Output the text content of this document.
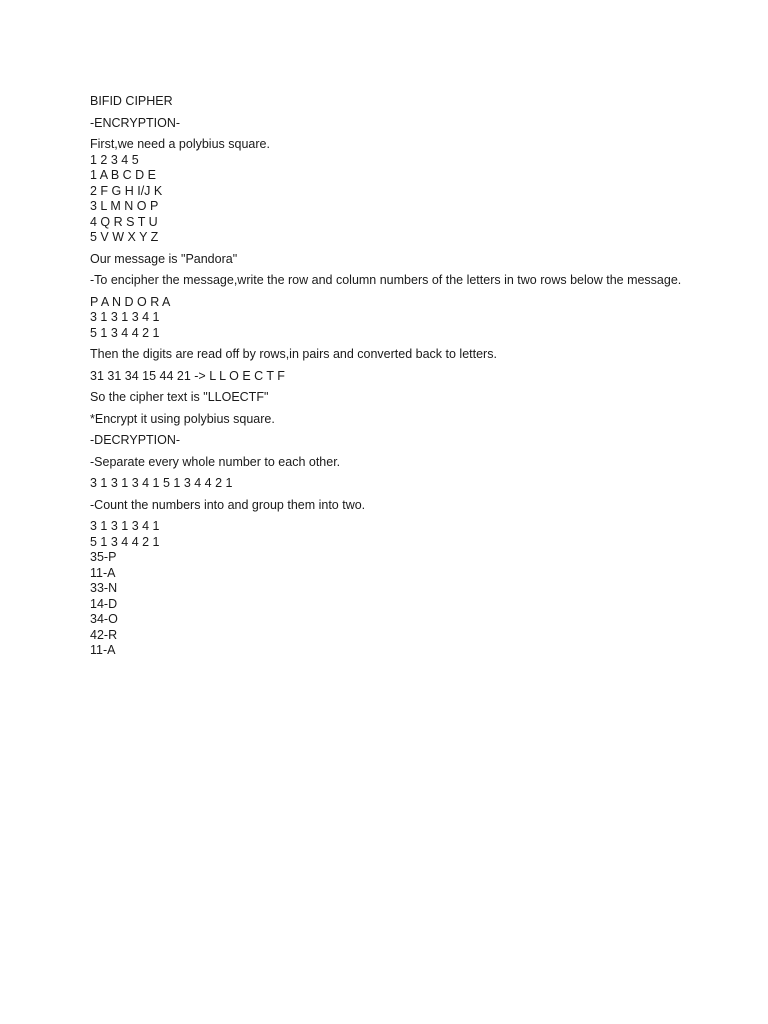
BIFID CIPHER

-ENCRYPTION-

First,we need a polybius square.

1 2 3 4 5
1 A B C D E
2 F G H I/J K
3 L M N O P
4 Q R S T U
5 V W X Y Z

Our message is "Pandora"

-To encipher the message,write the row and column numbers of the letters in two rows below the message.

P A N D O R A
3 1 3 1 3 4 1
5 1 3 4 4 2 1

Then the digits are read off by rows,in pairs and converted back to letters.

31 31 34 15 44 21 -> L L O E C T F

So the cipher text is "LLOECTF"

*Encrypt it using polybius square.

-DECRYPTION-

-Separate every whole number to each other.

3 1 3 1 3 4 1 5 1 3 4 4 2 1

-Count the numbers into and group them into two.

3 1 3 1 3 4 1
5 1 3 4 4 2 1
35-P
11-A
33-N
14-D
34-O
42-R
11-A
